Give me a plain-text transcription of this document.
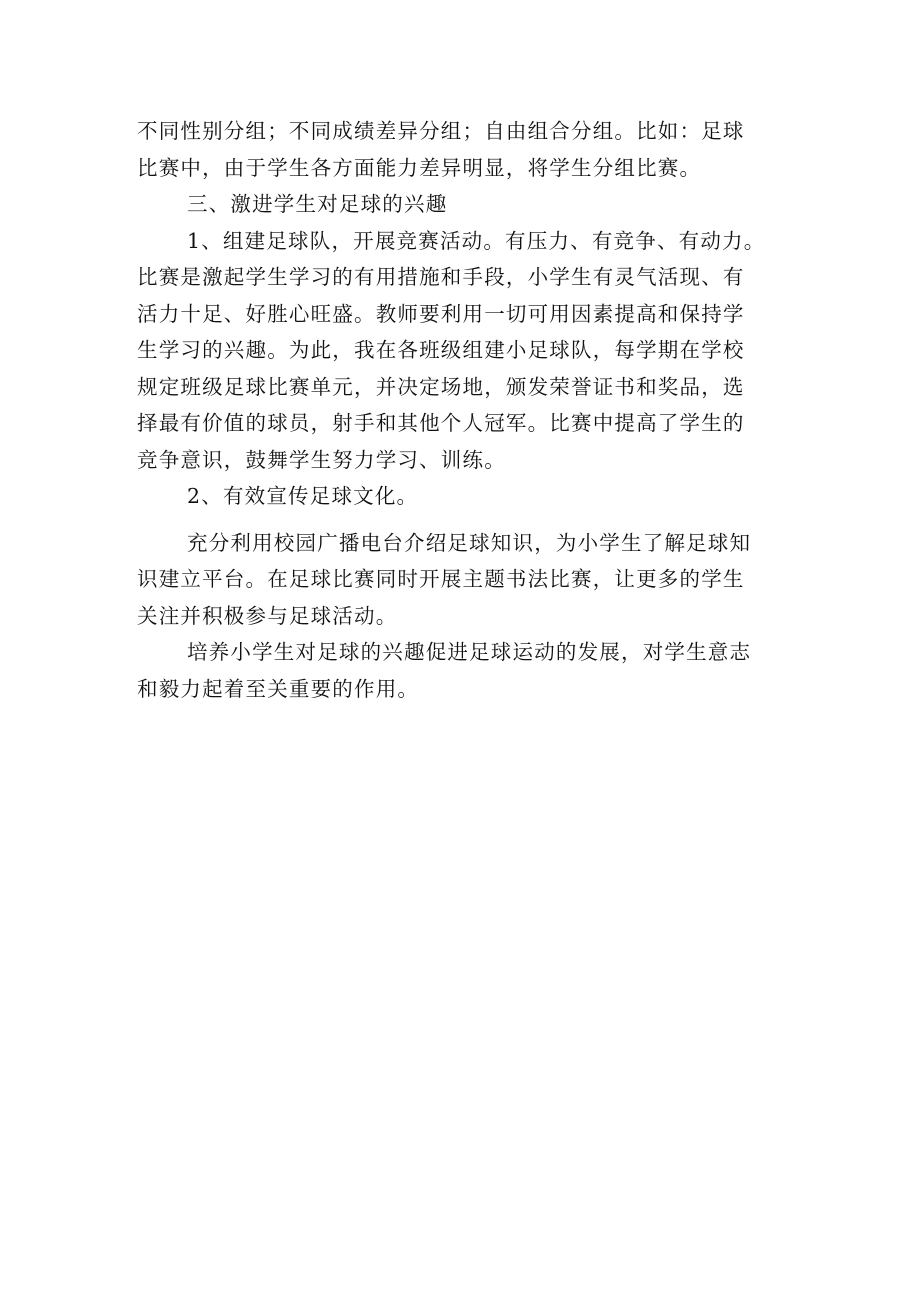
不同性别分组；不同成绩差异分组；自由组合分组。比如：足球
比赛中，由于学生各方面能力差异明显，将学生分组比赛。
三、激进学生对足球的兴趣
1、组建足球队，开展竞赛活动。有压力、有竞争、有动力。
比赛是激起学生学习的有用措施和手段，小学生有灵气活现、有
活力十足、好胜心旺盛。教师要利用一切可用因素提高和保持学
生学习的兴趣。为此，我在各班级组建小足球队，每学期在学校
规定班级足球比赛单元，并决定场地，颁发荣誉证书和奖品，选
择最有价值的球员，射手和其他个人冠军。比赛中提高了学生的
竞争意识，鼓舞学生努力学习、训练。
2、有效宣传足球文化。
充分利用校园广播电台介绍足球知识，为小学生了解足球知
识建立平台。在足球比赛同时开展主题书法比赛，让更多的学生
关注并积极参与足球活动。
培养小学生对足球的兴趣促进足球运动的发展，对学生意志
和毅力起着至关重要的作用。
